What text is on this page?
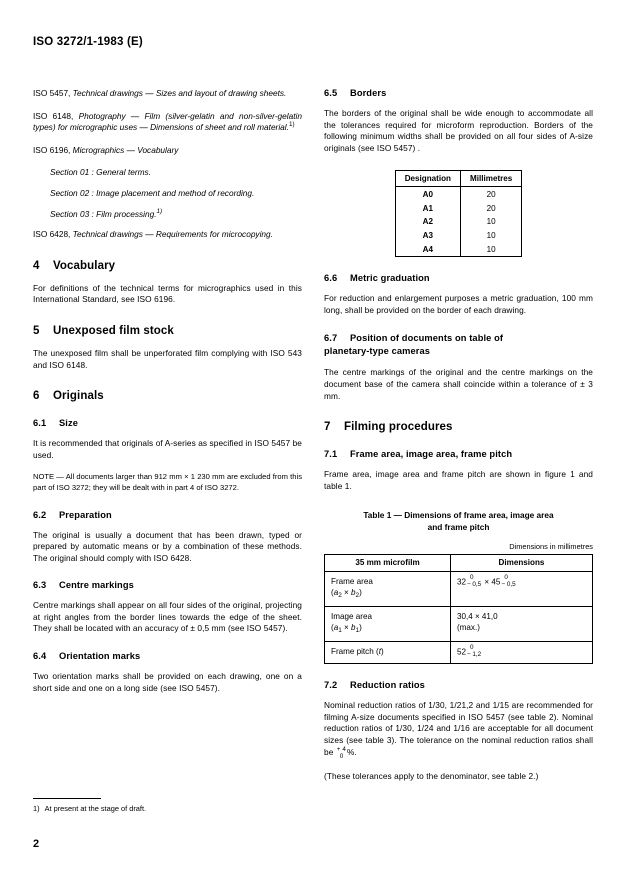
ISO 3272/1-1983 (E)

ISO 5457, Technical drawings — Sizes and layout of drawing sheets.

ISO 6148, Photography — Film (silver-gelatin and non-silver-gelatin types) for micrographic uses — Dimensions of sheet and roll material.$^{1)}$

ISO 6196, Micrographics — Vocabulary

Section 01 : General terms.

Section 02 : Image placement and method of recording.

Section 03 : Film processing.$^{1)}$

ISO 6428, Technical drawings — Requirements for microcopying.

4 Vocabulary

For definitions of the technical terms for micrographics used in this International Standard, see ISO 6196.

5 Unexposed film stock

The unexposed film shall be unperforated film complying with ISO 543 and ISO 6148.

6 Originals
6.1 Size

It is recommended that originals of A-series as specified in ISO 5457 be used.

NOTE — All documents larger than 912 mm × 1 230 mm are excluded from this part of ISO 3272; they will be dealt with in part 4 of ISO 3272.

6.2 Preparation

The original is usually a document that has been drawn, typed or prepared by automatic means or by a combination of these methods. The original should comply with ISO 6428.

6.3 Centre markings

Centre markings shall appear on all four sides of the original, projecting at right angles from the border lines towards the edge of the sheet. They shall be located with an accuracy of ± 0,5 mm (see ISO 5457).

6.4 Orientation marks

Two orientation marks shall be provided on each drawing, one on a short side and one on a long side (see ISO 5457).

6.5 Borders

The borders of the original shall be wide enough to accommodate all the tolerances required for microform reproduction. Borders of the following minimum widths shall be provided on all four sides of A-size originals (see ISO 5457) .

Designation	Millimetres
A0	20
A1	20
A2	10
A3	10
A4	10
6.6 Metric graduation

For reduction and enlargement purposes a metric graduation, 100 mm long, shall be provided on the border of each drawing.

6.7 Position of documents on table of
planetary-type cameras

The centre markings of the original and the centre markings on the document base of the camera shall coincide within a tolerance of ± 3 mm.

7 Filming procedures
7.1 Frame area, image area, frame pitch

Frame area, image area and frame pitch are shown in figure 1 and table 1.

Table 1 — Dimensions of frame area, image area
and frame pitch
Dimensions in millimetres
35 mm microfilm	Dimensions
Frame area
$(a_2 \times b_2)$	32 0
− 0,5 × 45 0
− 0,5

Image area
$(a_1 \times b_1)$	30,4 × 41,0
(max.)
Frame pitch (t)	52 0
− 1,2
7.2 Reduction ratios

Nominal reduction ratios of 1/30, 1/21,2 and 1/15 are recommended for filming A-size documents specified in ISO 5457 (see table 2). Nominal reduction ratios of 1/30, 1/24 and 1/16 are acceptable for all document sizes (see table 3). The tolerance on the nominal reduction ratios shall be + 4
0 %.

(These tolerances apply to the denominator, see table 2.)

1) At present at the stage of draft.
2
